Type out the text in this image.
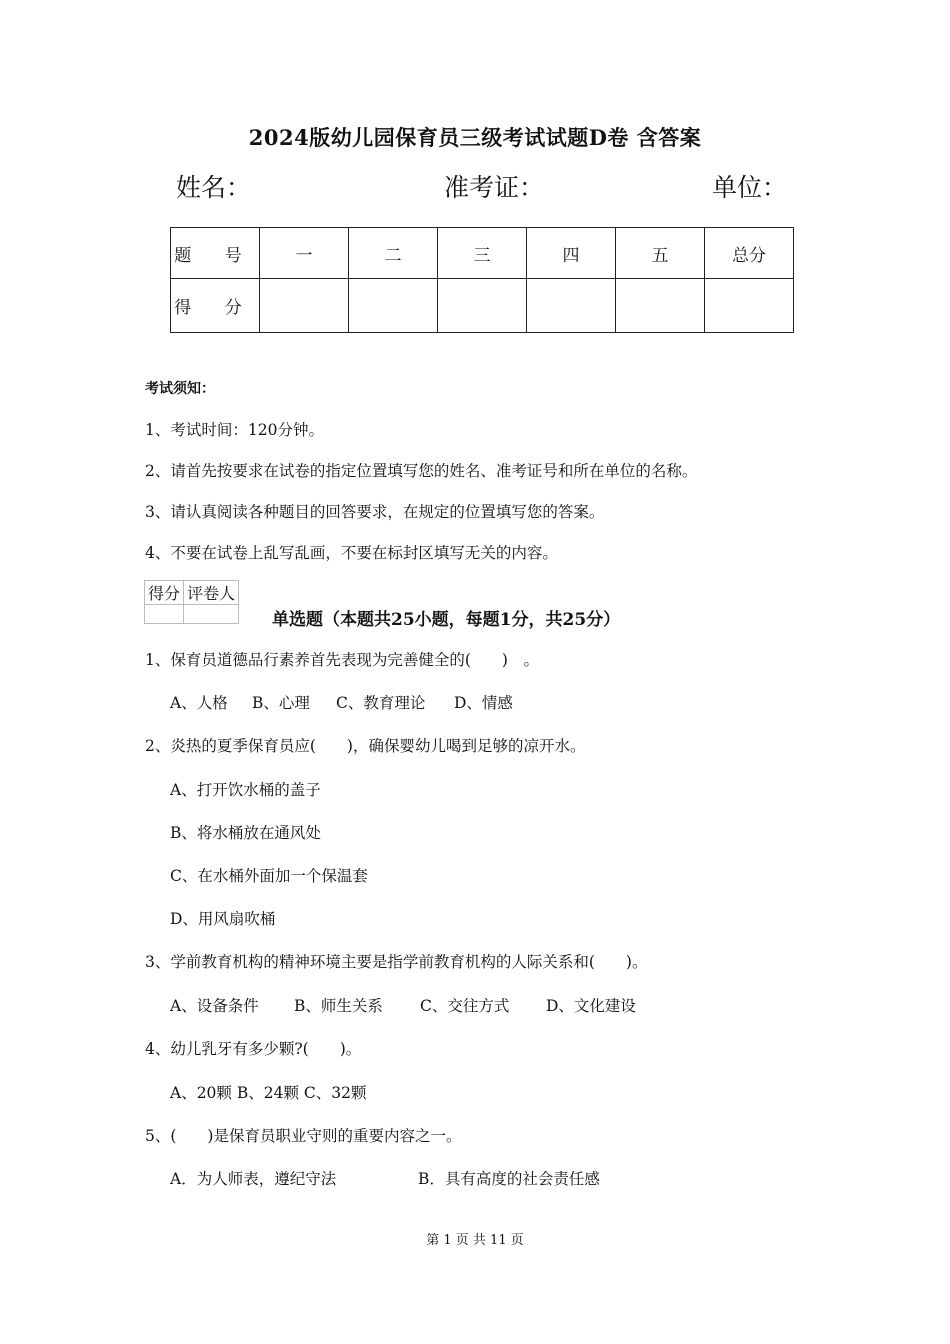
2024版幼儿园保育员三级考试试题D卷 含答案
姓名：	准考证：	单位：
题 号	一	二	三	四	五	总分
得 分						
考试须知：
1、考试时间：120分钟。
2、请首先按要求在试卷的指定位置填写您的姓名、准考证号和所在单位的名称。
3、请认真阅读各种题目的回答要求，在规定的位置填写您的答案。
4、不要在试卷上乱写乱画，不要在标封区填写无关的内容。
得分	评卷人

单选题（本题共25小题，每题1分，共25分）
1、保育员道德品行素养首先表现为完善健全的(　　)　。
A、人格 B、心理 C、教育理论 D、情感
2、炎热的夏季保育员应(　　)，确保婴幼儿喝到足够的凉开水。
A、打开饮水桶的盖子
B、将水桶放在通风处
C、在水桶外面加一个保温套
D、用风扇吹桶
3、学前教育机构的精神环境主要是指学前教育机构的人际关系和(　　)。
A、设备条件 B、师生关系 C、交往方式 D、文化建设
4、幼儿乳牙有多少颗?(　　)。
A、20颗 B、24颗 C、32颗
5、(　　)是保育员职业守则的重要内容之一。
A．为人师表，遵纪守法	B．具有高度的社会责任感
第 1 页 共 11 页
